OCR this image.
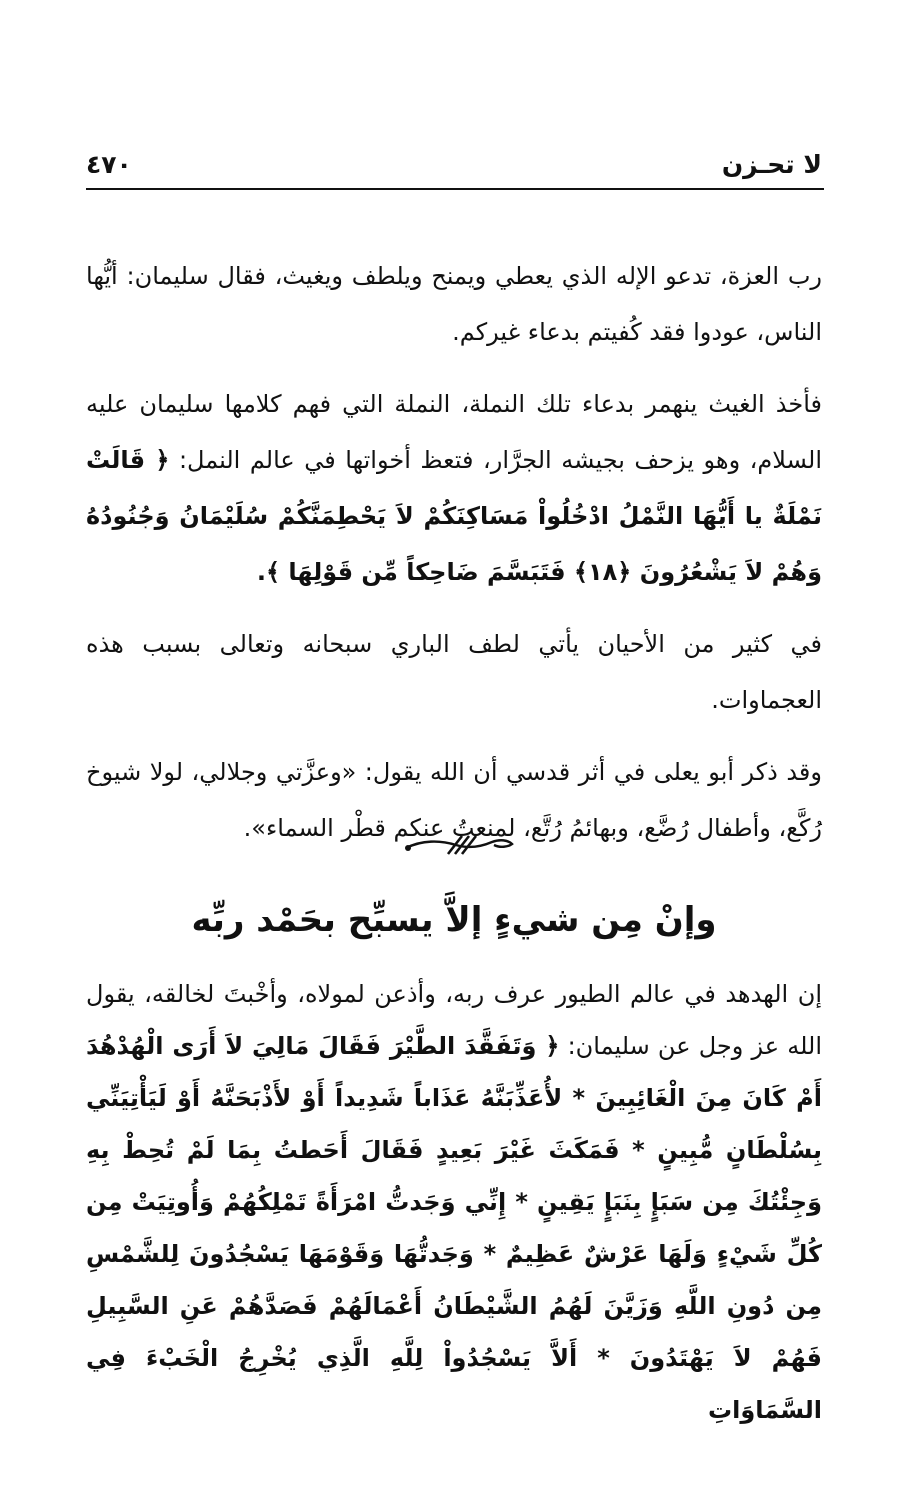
لا تحـزن
٤٧٠

رب العزة، تدعو الإله الذي يعطي ويمنح ويلطف ويغيث، فقال سليمان: أيُّها الناس، عودوا فقد كُفيتم بدعاء غيركم.

فأخذ الغيث ينهمر بدعاء تلك النملة، النملة التي فهم كلامها سليمان عليه السلام، وهو يزحف بجيشه الجرَّار، فتعظ أخواتها في عالم النمل: ﴿ قَالَتْ نَمْلَةٌ يا أَيُّهَا النَّمْلُ ادْخُلُواْ مَسَاكِنَكُمْ لاَ يَحْطِمَنَّكُمْ سُلَيْمَانُ وَجُنُودُهُ وَهُمْ لاَ يَشْعُرُونَ ﴿١٨﴾ فَتَبَسَّمَ ضَاحِكاً مِّن قَوْلِهَا ﴾.

في كثير من الأحيان يأتي لطف الباري سبحانه وتعالى بسبب هذه العجماوات.

وقد ذكر أبو يعلى في أثر قدسي أن الله يقول: «وعزَّتي وجلالي، لولا شيوخ رُكَّع، وأطفال رُضَّع، وبهائمُ رُتَّع، لمنعتُ عنكم قطْر السماء».

وإنْ مِن شيءٍ إلاَّ يسبِّح بحَمْد ربِّه

إن الهدهد في عالم الطيور عرف ربه، وأذعن لمولاه، وأخْبتَ لخالقه، يقول الله عز وجل عن سليمان: ﴿ وَتَفَقَّدَ الطَّيْرَ فَقَالَ مَالِيَ لاَ أَرَى الْهُدْهُدَ أَمْ كَانَ مِنَ الْغَائِبِينَ * لأُعَذِّبَنَّهُ عَذَاباً شَدِيداً أَوْ لأَذْبَحَنَّهُ أَوْ لَيَأْتِيَنِّي بِسُلْطَانٍ مُّبِينٍ * فَمَكَثَ غَيْرَ بَعِيدٍ فَقَالَ أَحَطتُ بِمَا لَمْ تُحِطْ بِهِ وَجِئْتُكَ مِن سَبَإٍ بِنَبَإٍ يَقِينٍ * إِنِّي وَجَدتُّ امْرَأَةً تَمْلِكُهُمْ وَأُوتِيَتْ مِن كُلِّ شَيْءٍ وَلَهَا عَرْشٌ عَظِيمٌ * وَجَدتُّهَا وَقَوْمَهَا يَسْجُدُونَ لِلشَّمْسِ مِن دُونِ اللَّهِ وَزَيَّنَ لَهُمُ الشَّيْطَانُ أَعْمَالَهُمْ فَصَدَّهُمْ عَنِ السَّبِيلِ فَهُمْ لاَ يَهْتَدُونَ * أَلاَّ يَسْجُدُواْ لِلَّهِ الَّذِي يُخْرِجُ الْخَبْءَ فِي السَّمَاوَاتِ
